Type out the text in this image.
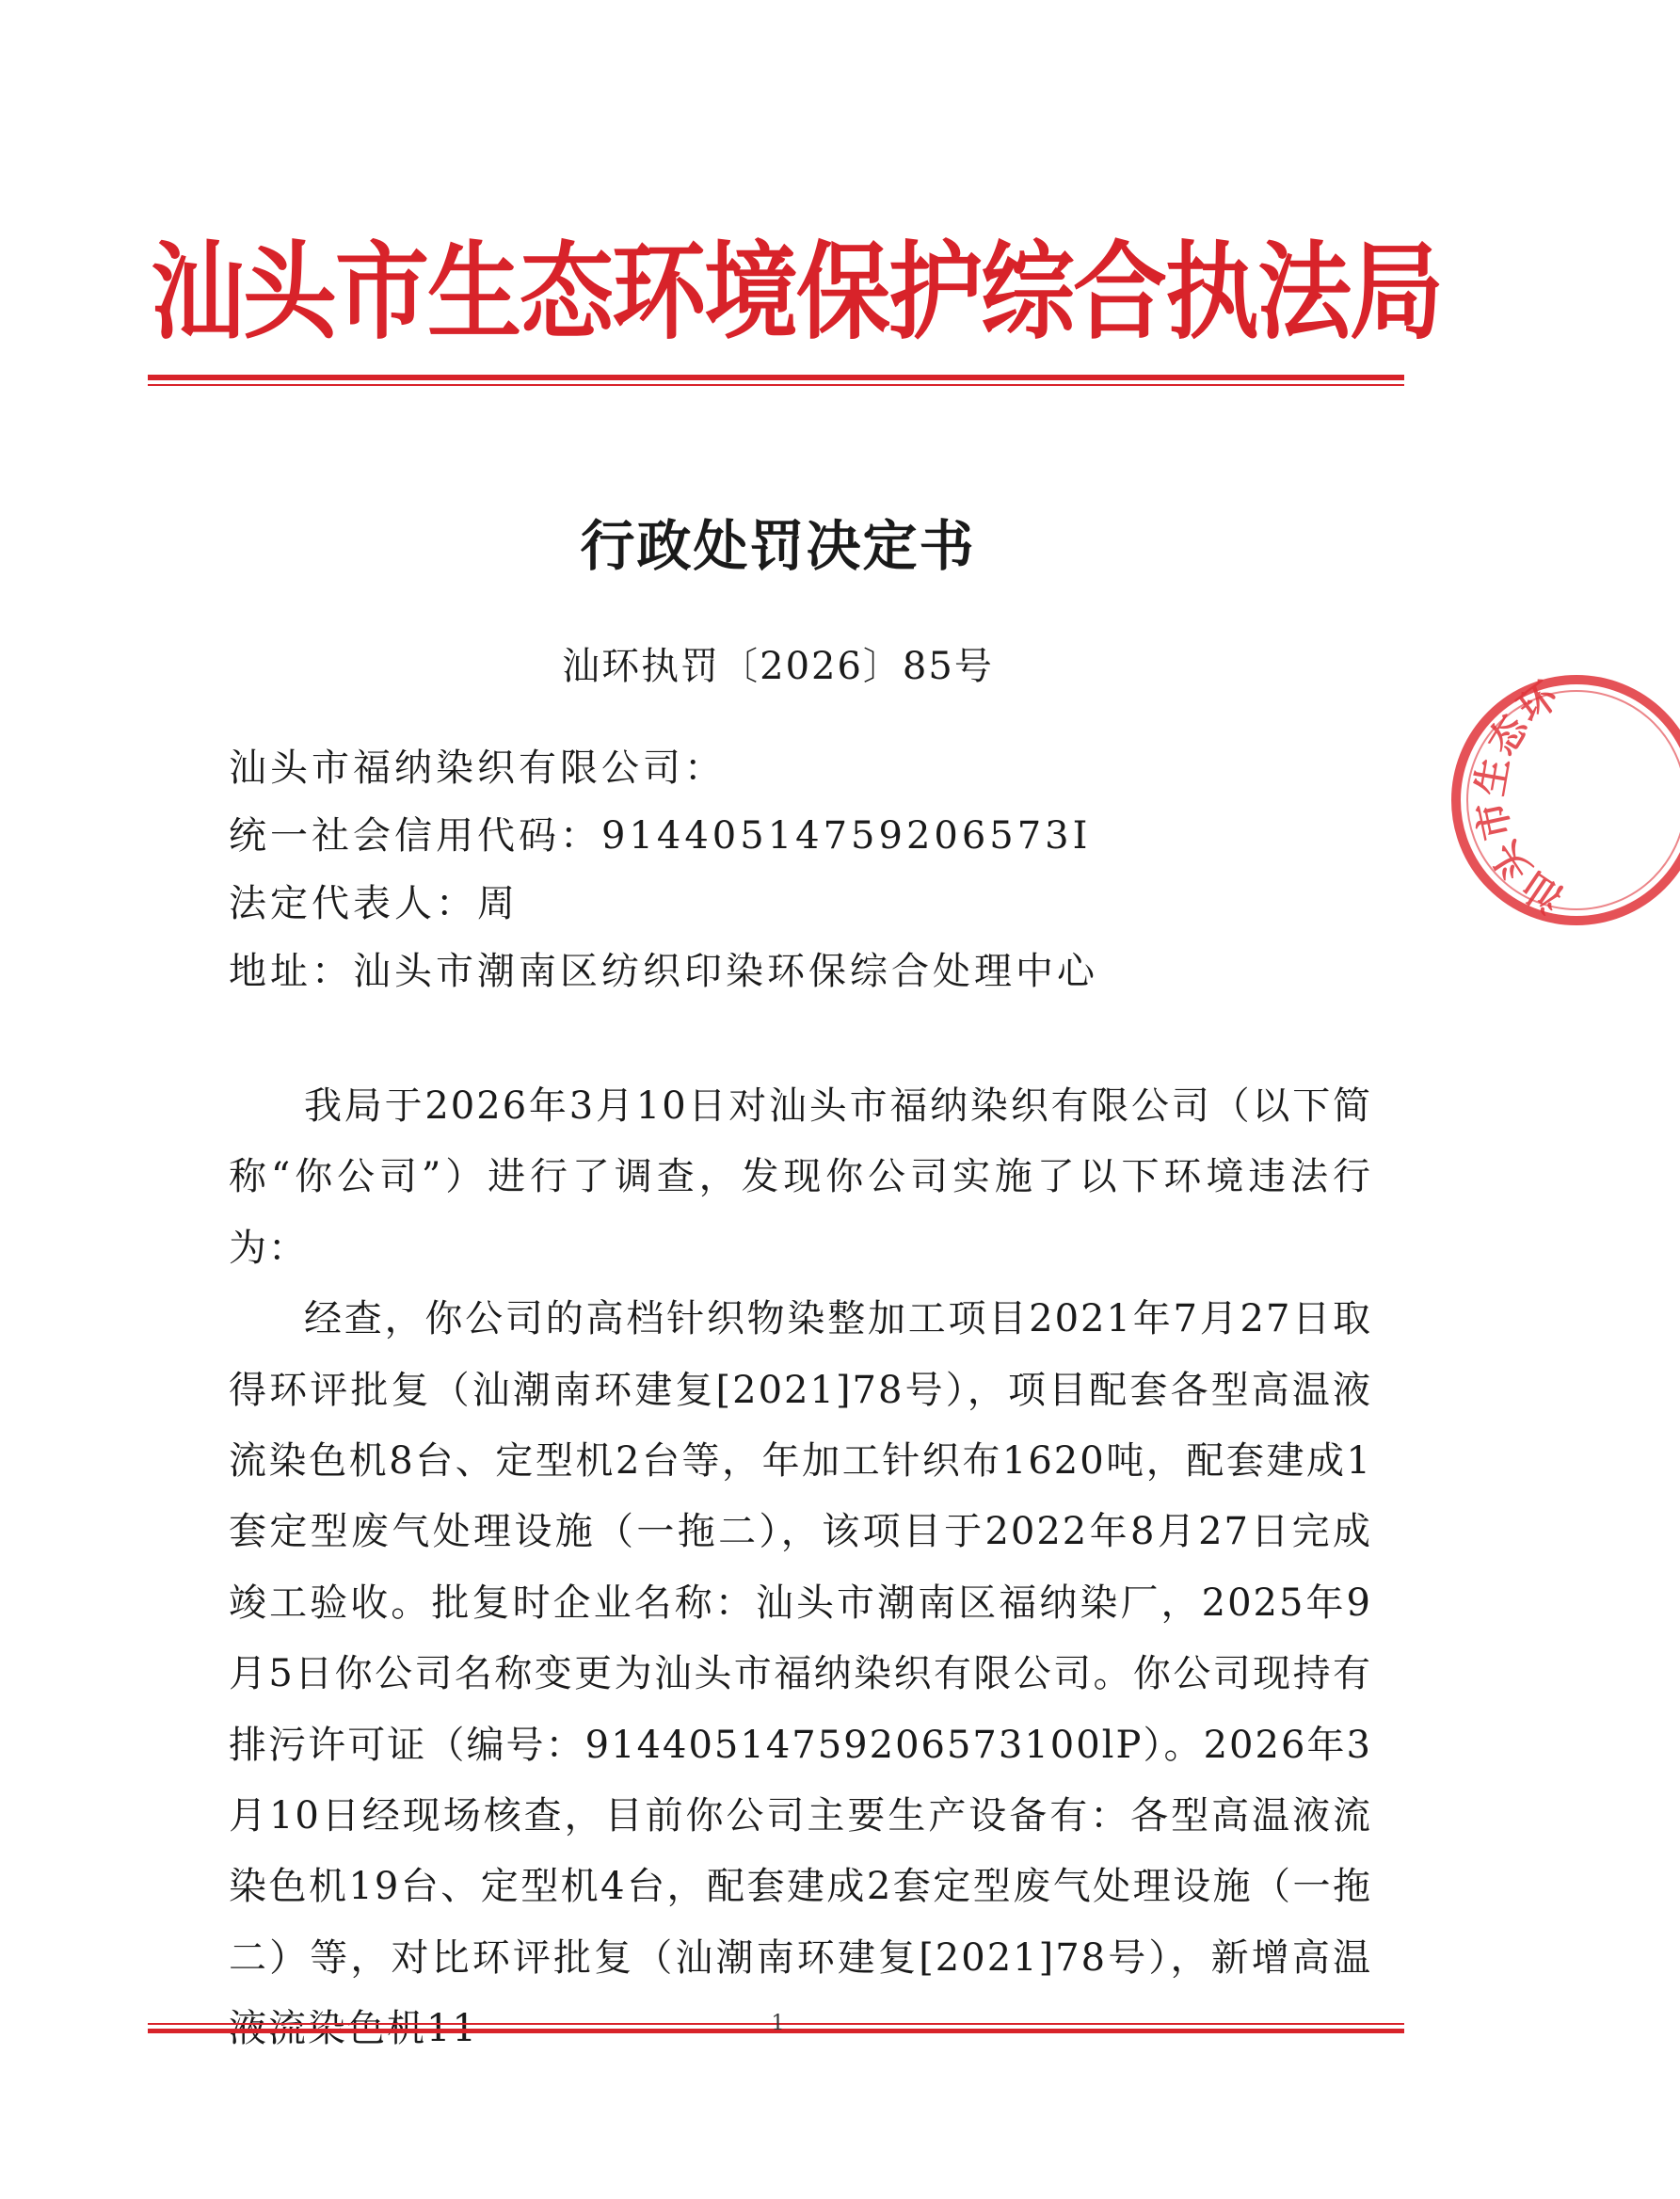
汕头市生态环境保护综合执法局
行政处罚决定书
汕环执罚〔2026〕85号
汕头市福纳染织有限公司：
统一社会信用代码：91440514759206573Ⅰ
法定代表人：周
地址：汕头市潮南区纺织印染环保综合处理中心

我局于2026年3月10日对汕头市福纳染织有限公司（以下简称“你公司”）进行了调查，发现你公司实施了以下环境违法行为：

经查，你公司的高档针织物染整加工项目2021年7月27日取得环评批复（汕潮南环建复[2021]78号），项目配套各型高温液流染色机8台、定型机2台等，年加工针织布1620吨，配套建成1套定型废气处理设施（一拖二），该项目于2022年8月27日完成竣工验收。批复时企业名称：汕头市潮南区福纳染厂，2025年9月5日你公司名称变更为汕头市福纳染织有限公司。你公司现持有排污许可证（编号：91440514759206573100lP）。2026年3月10日经现场核查，目前你公司主要生产设备有：各型高温液流染色机19台、定型机4台，配套建成2套定型废气处理设施（一拖二）等，对比环评批复（汕潮南环建复[2021]78号），新增高温

1
汕头市生态环
